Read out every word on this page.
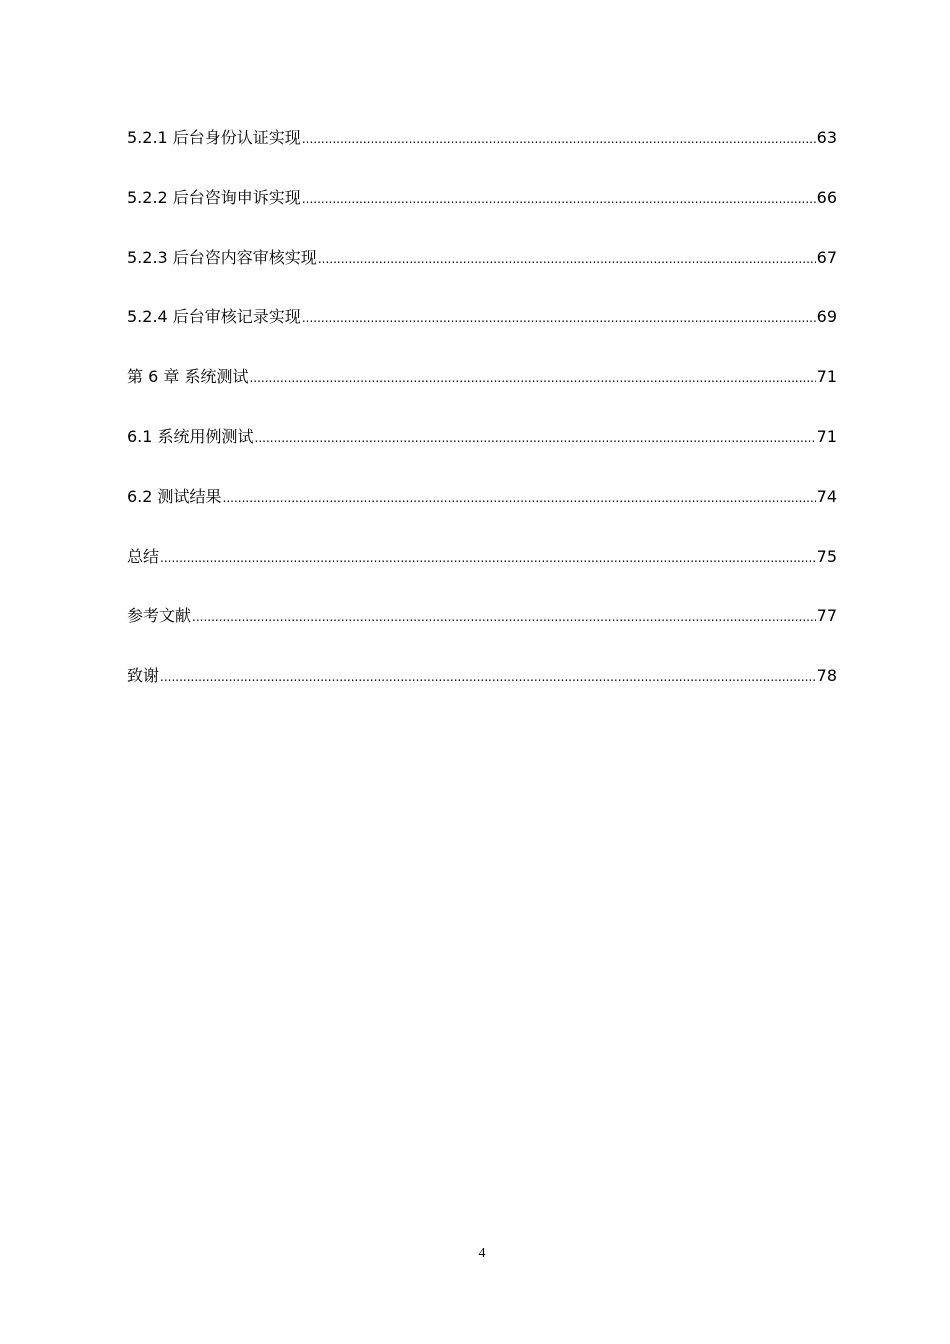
5.2.1 后台身份认证实现 .....	63
5.2.2 后台咨询申诉实现 .....	66
5.2.3 后台咨内容审核实现 .....	67
5.2.4 后台审核记录实现 .....	69
第 6 章 系统测试 .....	71
6.1 系统用例测试 .....	71
6.2 测试结果 .....	74
总结 .....	75
参考文献 .....	77
致谢 .....	78
4
